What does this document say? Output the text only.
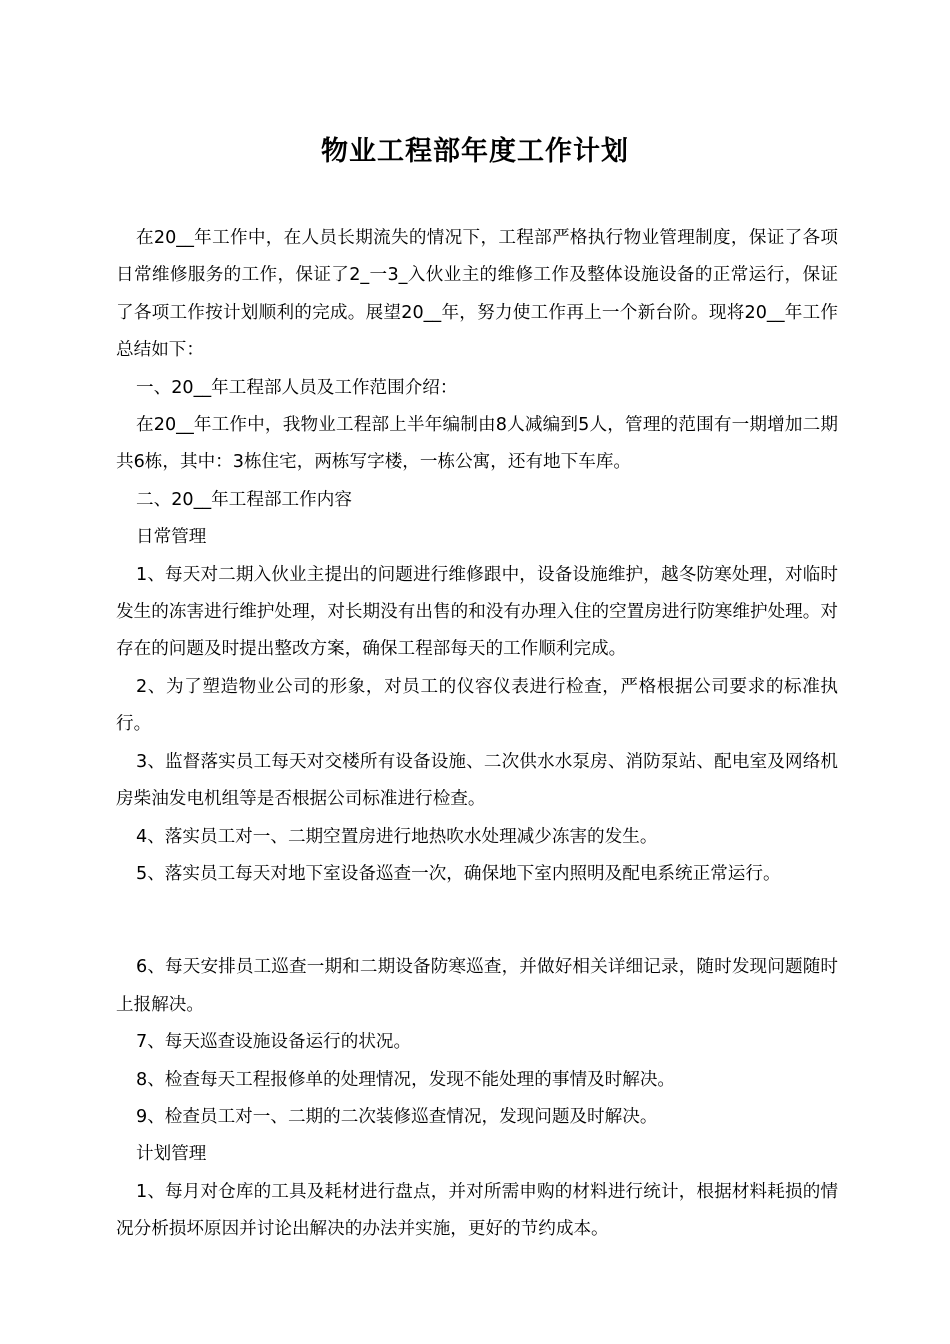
物业工程部年度工作计划

在20__年工作中，在人员长期流失的情况下，工程部严格执行物业管理制度，保证了各项日常维修服务的工作，保证了2_一3_入伙业主的维修工作及整体设施设备的正常运行，保证了各项工作按计划顺利的完成。展望20__年，努力使工作再上一个新台阶。现将20__年工作总结如下：

一、20__年工程部人员及工作范围介绍：

在20__年工作中，我物业工程部上半年编制由8人减编到5人，管理的范围有一期增加二期共6栋，其中：3栋住宅，两栋写字楼，一栋公寓，还有地下车库。

二、20__年工程部工作内容

日常管理

1、每天对二期入伙业主提出的问题进行维修跟中，设备设施维护，越冬防寒处理，对临时发生的冻害进行维护处理，对长期没有出售的和没有办理入住的空置房进行防寒维护处理。对存在的问题及时提出整改方案，确保工程部每天的工作顺利完成。

2、为了塑造物业公司的形象，对员工的仪容仪表进行检查，严格根据公司要求的标准执行。

3、监督落实员工每天对交楼所有设备设施、二次供水水泵房、消防泵站、配电室及网络机房柴油发电机组等是否根据公司标准进行检查。

4、落实员工对一、二期空置房进行地热吹水处理减少冻害的发生。

5、落实员工每天对地下室设备巡查一次，确保地下室内照明及配电系统正常运行。

6、每天安排员工巡查一期和二期设备防寒巡查，并做好相关详细记录，随时发现问题随时上报解决。

7、每天巡查设施设备运行的状况。

8、检查每天工程报修单的处理情况，发现不能处理的事情及时解决。

9、检查员工对一、二期的二次装修巡查情况，发现问题及时解决。

计划管理

1、每月对仓库的工具及耗材进行盘点，并对所需申购的材料进行统计，根据材料耗损的情况分析损坏原因并讨论出解决的办法并实施，更好的节约成本。
